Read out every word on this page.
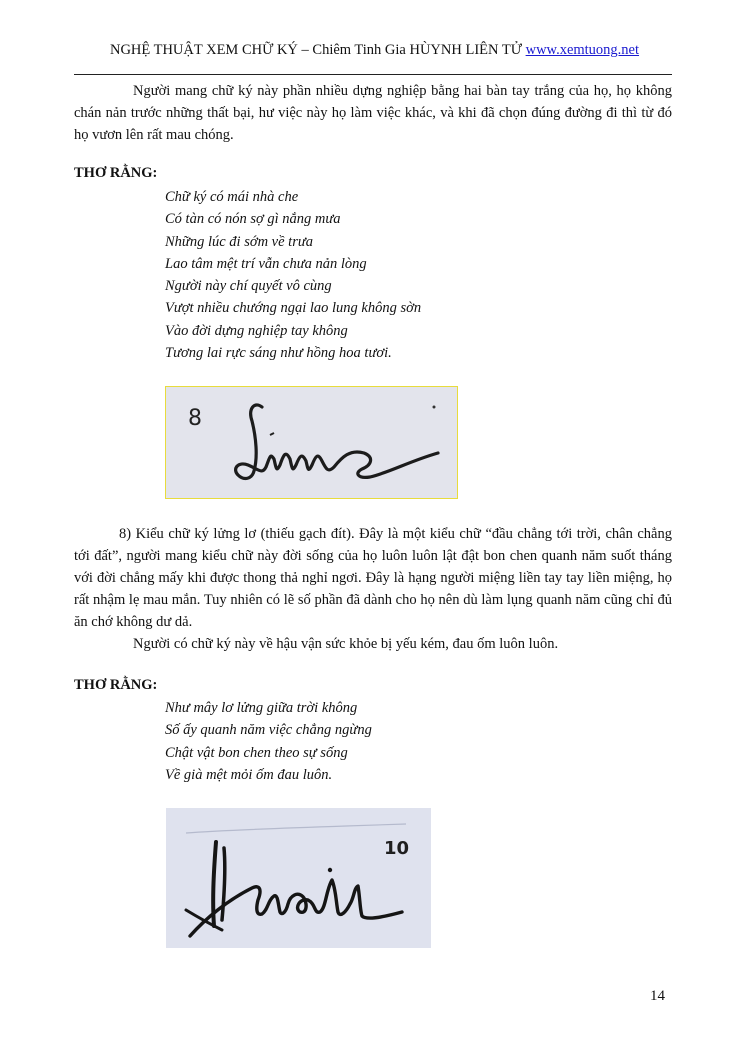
NGHỆ THUẬT XEM CHỮ KÝ – Chiêm Tinh Gia HÙYNH LIÊN TỬ www.xemtuong.net

Người mang chữ ký này phần nhiều dựng nghiệp bằng hai bàn tay trắng của họ, họ không chán nản trước những thất bại, hư việc này họ làm việc khác, và khi đã chọn đúng đường đi thì từ đó họ vươn lên rất mau chóng.

THƠ RẰNG:

Chữ ký có mái nhà che
Có tàn có nón sợ gì nắng mưa
Những lúc đi sớm về trưa
Lao tâm mệt trí vẫn chưa nản lòng
Người này chí quyết vô cùng
Vượt nhiều chướng ngại lao lung không sờn
Vào đời dựng nghiệp tay không
Tương lai rực sáng như hồng hoa tươi.
8

8) Kiểu chữ ký lửng lơ (thiếu gạch đít). Đây là một kiểu chữ “đầu chẳng tới trời, chân chẳng tới đất”, người mang kiểu chữ này đời sống của họ luôn luôn lật đật bon chen quanh năm suốt tháng với đời chẳng mấy khi được thong thả nghỉ ngơi. Đây là hạng người miệng liền tay tay liền miệng, họ rất nhậm lẹ mau mắn. Tuy nhiên có lẽ số phần đã dành cho họ nên dù làm lụng quanh năm cũng chỉ đủ ăn chớ không dư dả.

Người có chữ ký này về hậu vận sức khỏe bị yếu kém, đau ốm luôn luôn.

THƠ RẰNG:

Như mây lơ lửng giữa trời không
Số ấy quanh năm việc chẳng ngừng
Chật vật bon chen theo sự sống
Về già mệt mỏi ốm đau luôn.
10
14
